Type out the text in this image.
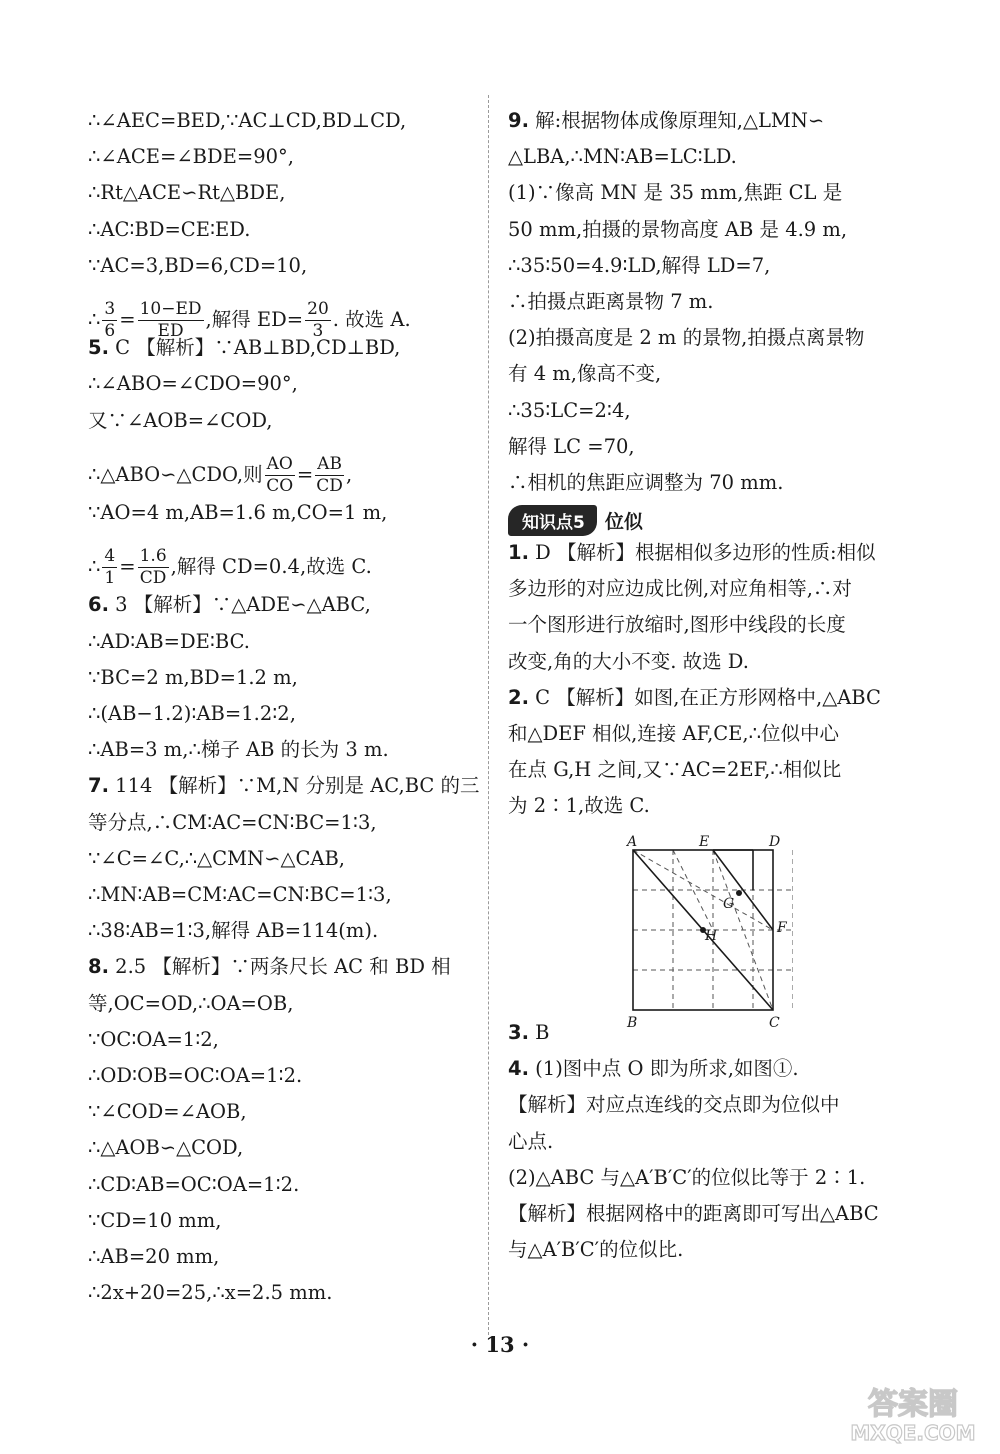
∴∠AEC=BED,∵AC⊥CD,BD⊥CD,
∴∠ACE=∠BDE=90°,
∴Rt△ACE∽Rt△BDE,
∴AC∶BD=CE∶ED.
∵AC=3,BD=6,CD=10,
∴ $\frac{3}{6} = \frac{10-ED}{ED}$ ,解得 $ED= \frac{20}{3}$ . 故选 A.
5. C 【解析】∵AB⊥BD,CD⊥BD,
∴∠ABO=∠CDO=90°,
又∵∠AOB=∠COD,
∴△ABO∽△CDO,则 $\frac{AO}{CO} = \frac{AB}{CD}$ ,
∵AO=4 m,AB=1.6 m,CO=1 m,
∴ $\frac{4}{1} = \frac{1.6}{CD}$ ,解得 CD=0.4,故选 C.
6. 3 【解析】∵△ADE∽△ABC,
∴AD∶AB=DE∶BC.
∵BC=2 m,BD=1.2 m,
∴(AB−1.2)∶AB=1.2∶2,
∴AB=3 m,∴梯子 AB 的长为 3 m.
7. 114 【解析】∵M,N 分别是 AC,BC 的三
等分点,∴CM∶AC=CN∶BC=1∶3,
∵∠C=∠C,∴△CMN∽△CAB,
∴MN∶AB=CM∶AC=CN∶BC=1∶3,
∴38∶AB=1∶3,解得 AB=114(m).
8. 2.5 【解析】∵两条尺长 AC 和 BD 相
等,OC=OD,∴OA=OB,
∵OC∶OA=1∶2,
∴OD∶OB=OC∶OA=1∶2.
∵∠COD=∠AOB,
∴△AOB∽△COD,
∴CD∶AB=OC∶OA=1∶2.
∵CD=10 mm,
∴AB=20 mm,
∴2x+20=25,∴x=2.5 mm.
知识点5	位似
A	E	D
G
H	F
B	C
9. 解:根据物体成像原理知,△LMN∽
△LBA,∴MN∶AB=LC∶LD.
(1)∵像高 MN 是 35 mm,焦距 CL 是
50 mm,拍摄的景物高度 AB 是 4.9 m,
∴35∶50=4.9∶LD,解得 LD=7,
∴拍摄点距离景物 7 m.
(2)拍摄高度是 2 m 的景物,拍摄点离景物
有 4 m,像高不变,
∴35∶LC=2∶4,
解得 LC =70,
∴相机的焦距应调整为 70 mm.
1. D 【解析】根据相似多边形的性质:相似
多边形的对应边成比例,对应角相等,∴对
一个图形进行放缩时,图形中线段的长度
改变,角的大小不变. 故选 D.
2. C 【解析】如图,在正方形网格中,△ABC
和△DEF 相似,连接 AF,CE,∴位似中心
在点 G,H 之间,又∵AC=2EF,∴相似比
为 2∶1,故选 C.
3. B
4. (1)图中点 O 即为所求,如图①.
【解析】对应点连线的交点即为位似中
心点.
(2)△ABC 与△A′B′C′的位似比等于 2∶1.
【解析】根据网格中的距离即可写出△ABC
与△A′B′C′的位似比.
· 13 ·
答案圈
MXQE.COM
